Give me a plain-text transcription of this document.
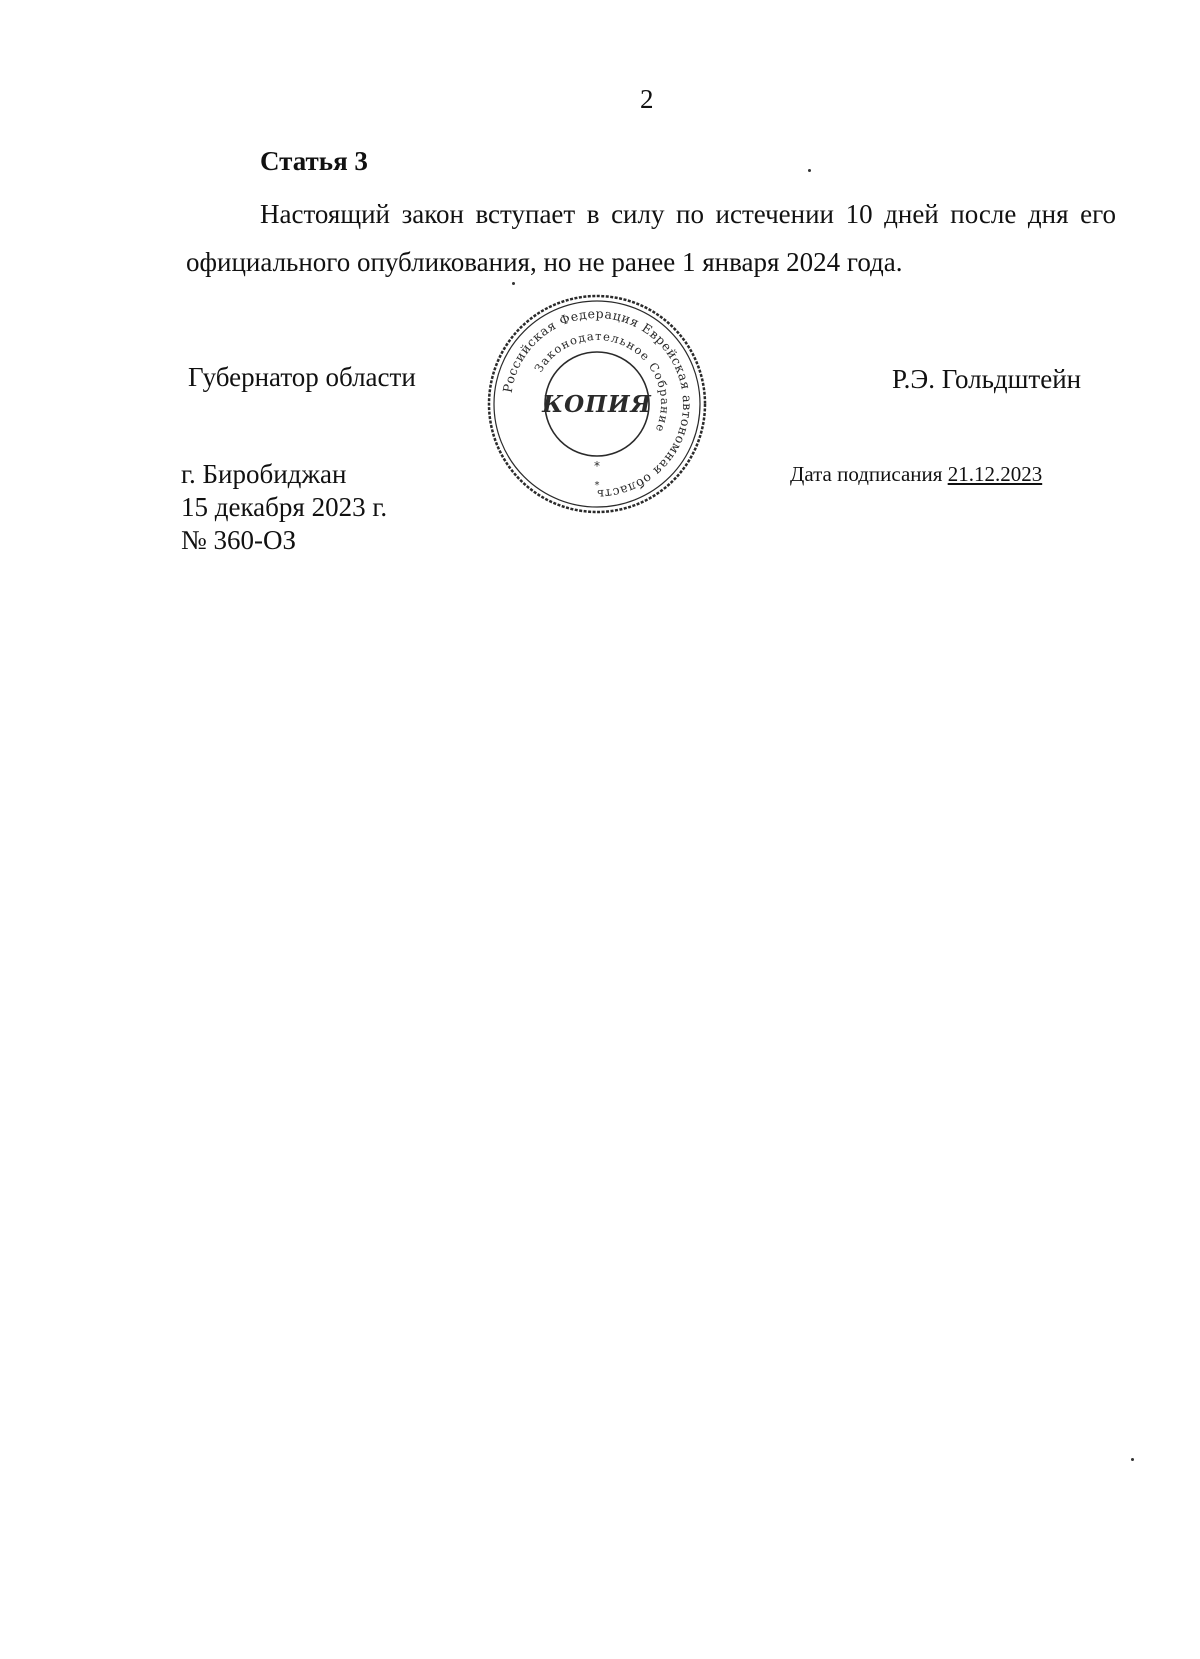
2
Статья 3
Настоящий закон вступает в силу по истечении 10 дней после дня его официального опубликования, но не ранее 1 января 2024 года.
Губернатор области	Р.Э. Гольдштейн
г. Биробиджан
15 декабря 2023 г.
№ 360-ОЗ
Дата подписания 21.12.2023
Российская Федерация Еврейская автономная область
Законодательное Собрание
КОПИЯ
*
*
